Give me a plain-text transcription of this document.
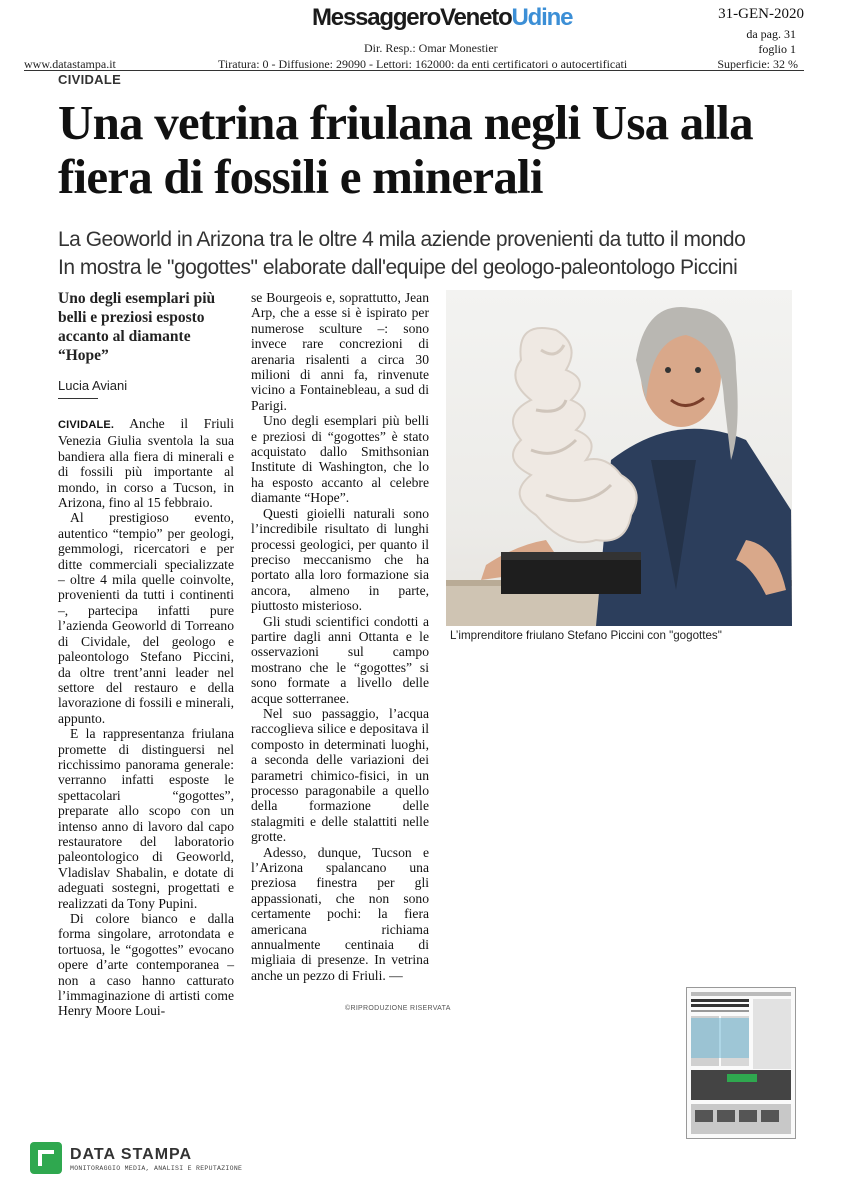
MessaggeroVenetoUdine	31-GEN-2020
da pag. 31
foglio 1
Dir. Resp.: Omar Monestier
www.datastampa.it	Tiratura: 0 - Diffusione: 29090 - Lettori: 162000: da enti certificatori o autocertificati	Superficie: 32 %
CIVIDALE
Una vetrina friulana negli Usa alla fiera di fossili e minerali
La Geoworld in Arizona tra le oltre 4 mila aziende provenienti da tutto il mondo
In mostra le "gogottes" elaborate dall'equipe del geologo-paleontologo Piccini
Uno degli esemplari più belli e preziosi esposto accanto al diamante “Hope”
Lucia Aviani

CIVIDALE. Anche il Friuli Venezia Giulia sventola la sua bandiera alla fiera di minerali e di fossili più importante al mondo, in corso a Tucson, in Arizona, fino al 15 febbraio.

Al prestigioso evento, autentico “tempio” per geologi, gemmologi, ricercatori e per ditte commerciali specializzate – oltre 4 mila quelle coinvolte, provenienti da tutti i continenti –, partecipa infatti pure l’azienda Geoworld di Torreano di Cividale, del geologo e paleontologo Stefano Piccini, da oltre trent’anni leader nel settore del restauro e della lavorazione di fossili e minerali, appunto.

E la rappresentanza friulana promette di distinguersi nel ricchissimo panorama generale: verranno infatti esposte le spettacolari “gogottes”, preparate allo scopo con un intenso anno di lavoro dal capo restauratore del laboratorio paleontologico di Geoworld, Vladislav Shabalin, e dotate di adeguati sostegni, progettati e realizzati da Tony Pupini.

Di colore bianco e dalla forma singolare, arrotondata e tortuosa, le “gogottes” evocano opere d’arte contemporanea – non a caso hanno catturato l’immaginazione di artisti come Henry Moore Loui-

se Bourgeois e, soprattutto, Jean Arp, che a esse si è ispirato per numerose sculture –: sono invece rare concrezioni di arenaria risalenti a circa 30 milioni di anni fa, rinvenute vicino a Fontainebleau, a sud di Parigi.

Uno degli esemplari più belli e preziosi di “gogottes” è stato acquistato dallo Smithsonian Institute di Washington, che lo ha esposto accanto al celebre diamante “Hope”.

Questi gioielli naturali sono l’incredibile risultato di lunghi processi geologici, per quanto il preciso meccanismo che ha portato alla loro formazione sia ancora, almeno in parte, piuttosto misterioso.

Gli studi scientifici condotti a partire dagli anni Ottanta e le osservazioni sul campo mostrano che le “gogottes” si sono formate a livello delle acque sotterranee.

Nel suo passaggio, l’acqua raccoglieva silice e depositava il composto in determinati luoghi, a seconda delle variazioni dei parametri chimico-fisici, in un processo paragonabile a quello della formazione delle stalagmiti e delle stalattiti nelle grotte.

Adesso, dunque, Tucson e l’Arizona spalancano una preziosa finestra per gli appassionati, che non sono certamente pochi: la fiera americana richiama annualmente centinaia di migliaia di presenze. In vetrina anche un pezzo di Friuli. —

©RIPRODUZIONE RISERVATA
L’imprenditore friulano Stefano Piccini con "gogottes"
DATA STAMPA
MONITORAGGIO MEDIA, ANALISI E REPUTAZIONE
